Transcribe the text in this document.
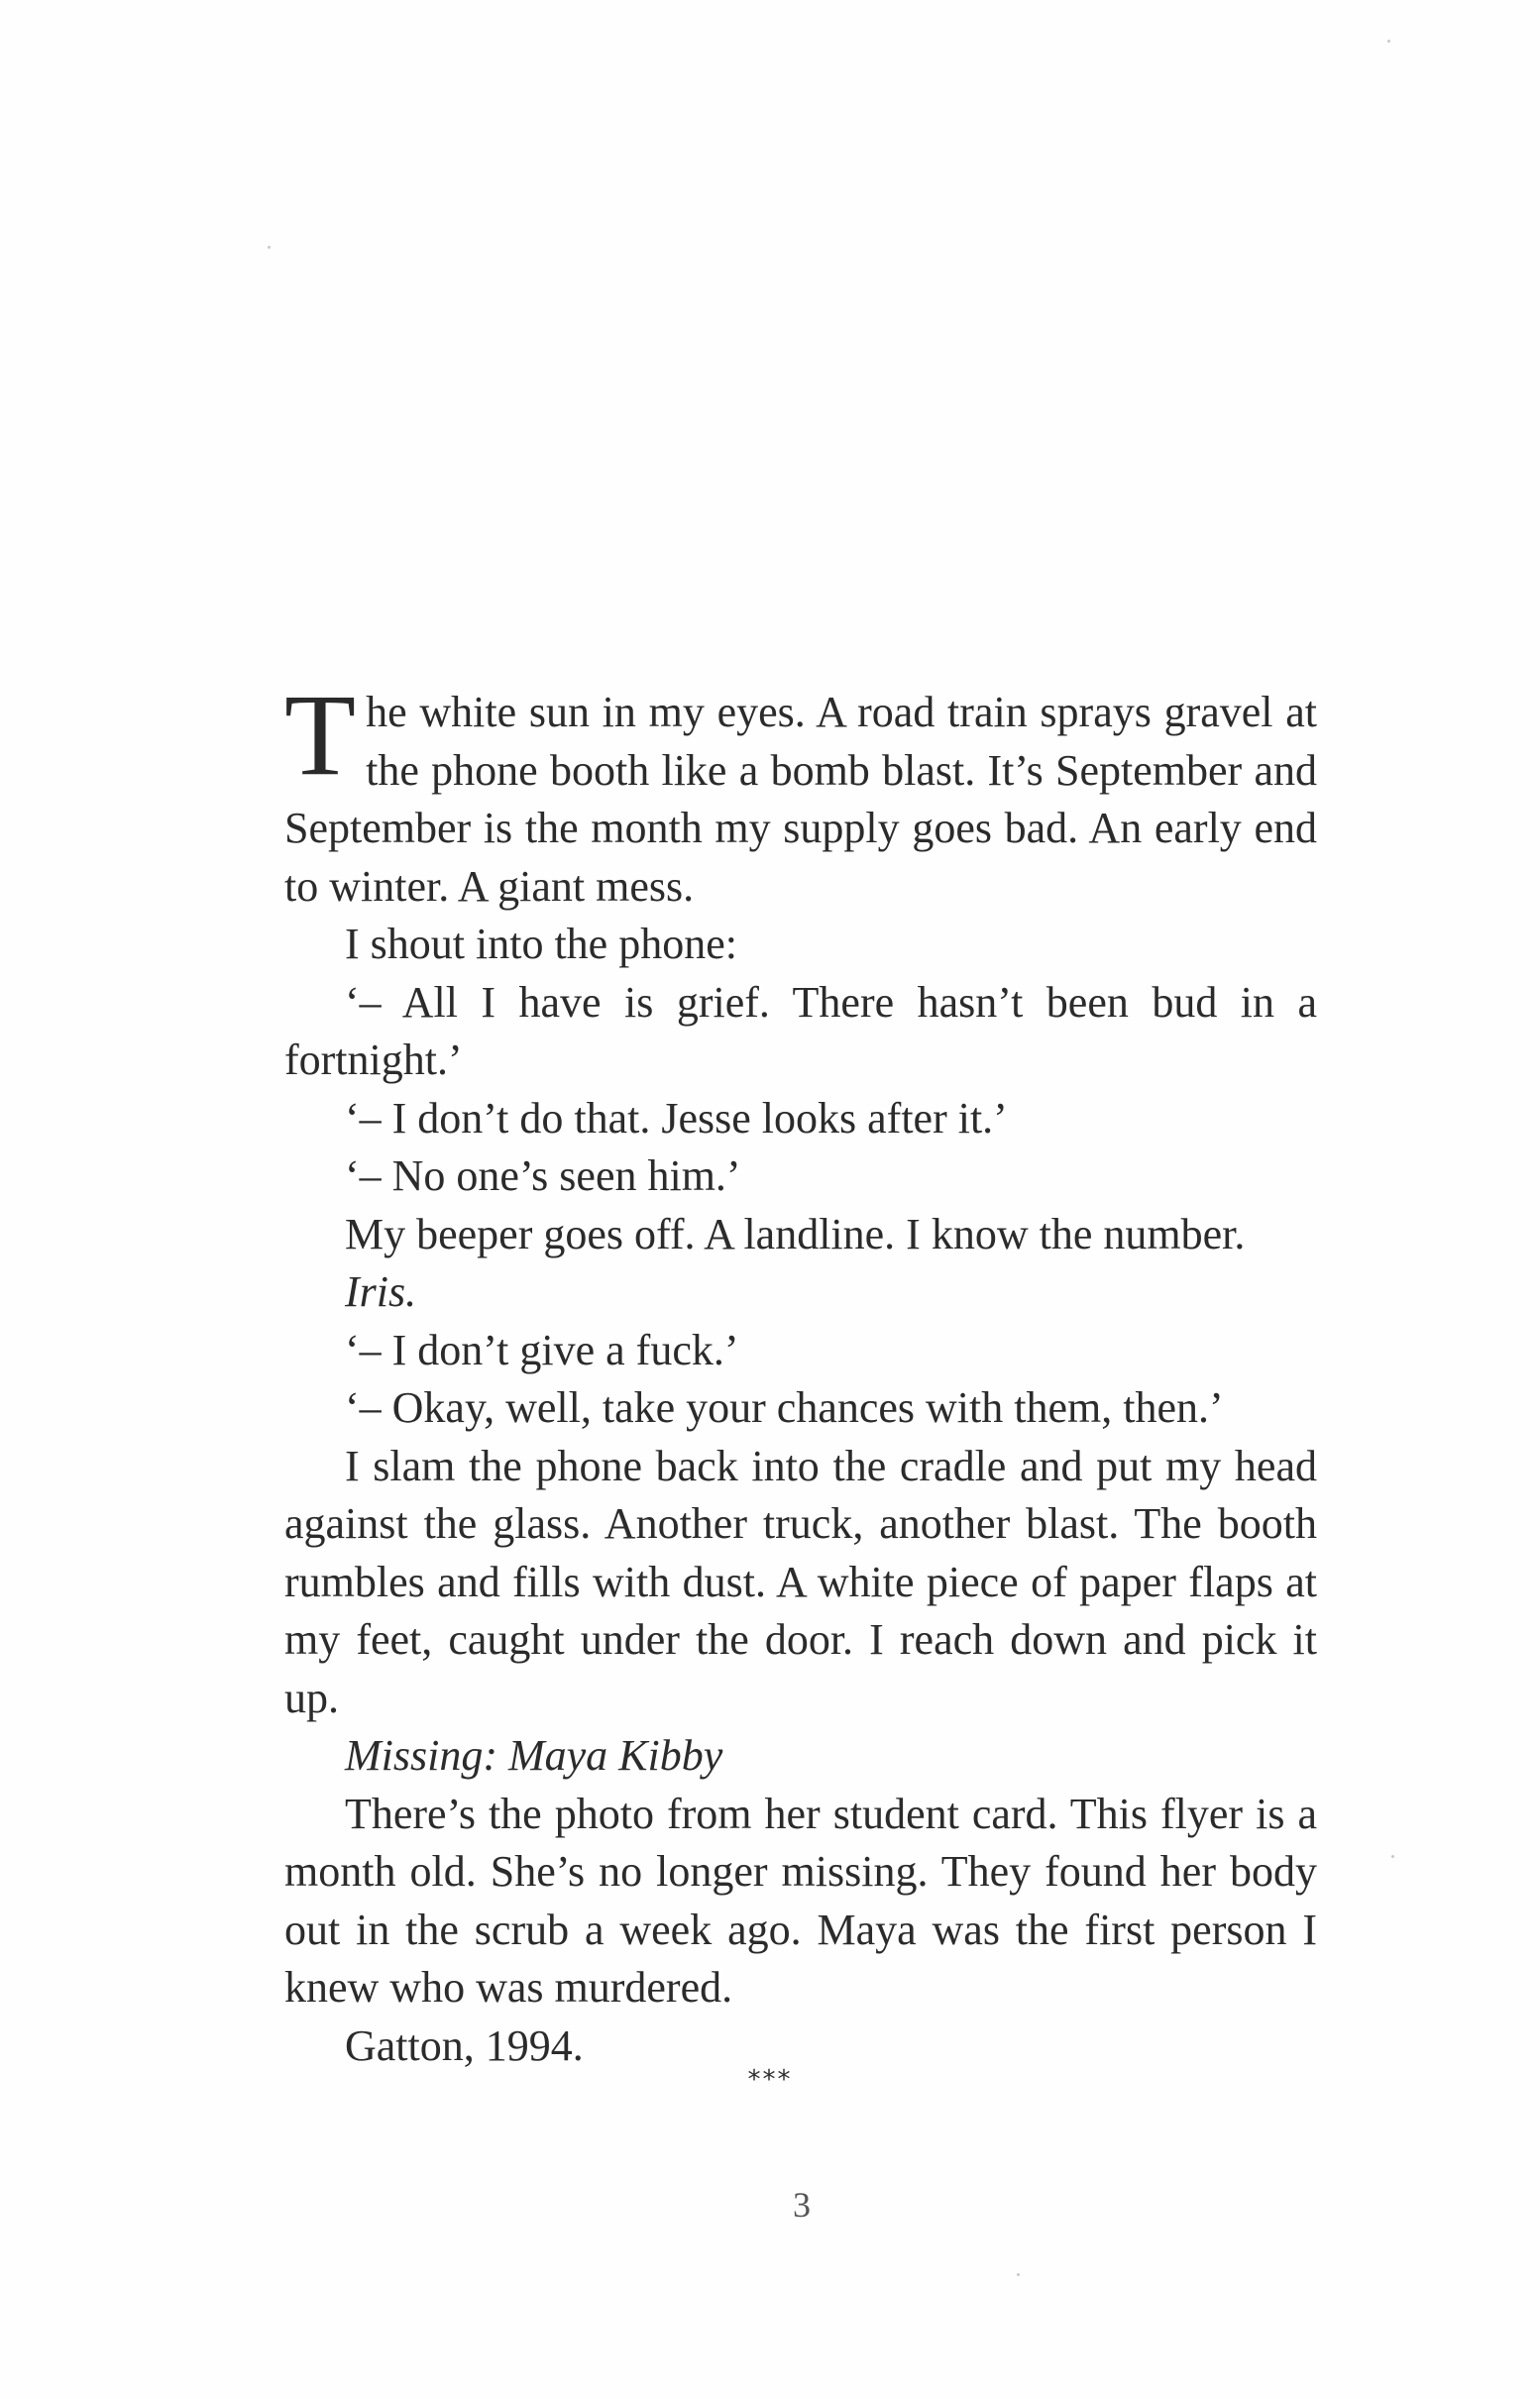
The white sun in my eyes. A road train sprays gravel at the phone booth like a bomb blast. It’s September and September is the month my supply goes bad. An early end to winter. A giant mess.

I shout into the phone:

‘– All I have is grief. There hasn’t been bud in a fortnight.’

‘– I don’t do that. Jesse looks after it.’

‘– No one’s seen him.’

My beeper goes off. A landline. I know the number.

Iris.

‘– I don’t give a fuck.’

‘– Okay, well, take your chances with them, then.’

I slam the phone back into the cradle and put my head against the glass. Another truck, another blast. The booth rumbles and fills with dust. A white piece of paper flaps at my feet, caught under the door. I reach down and pick it up.

Missing: Maya Kibby

There’s the photo from her student card. This flyer is a month old. She’s no longer missing. They found her body out in the scrub a week ago. Maya was the first person I knew who was murdered.

Gatton, 1994.

***
3
